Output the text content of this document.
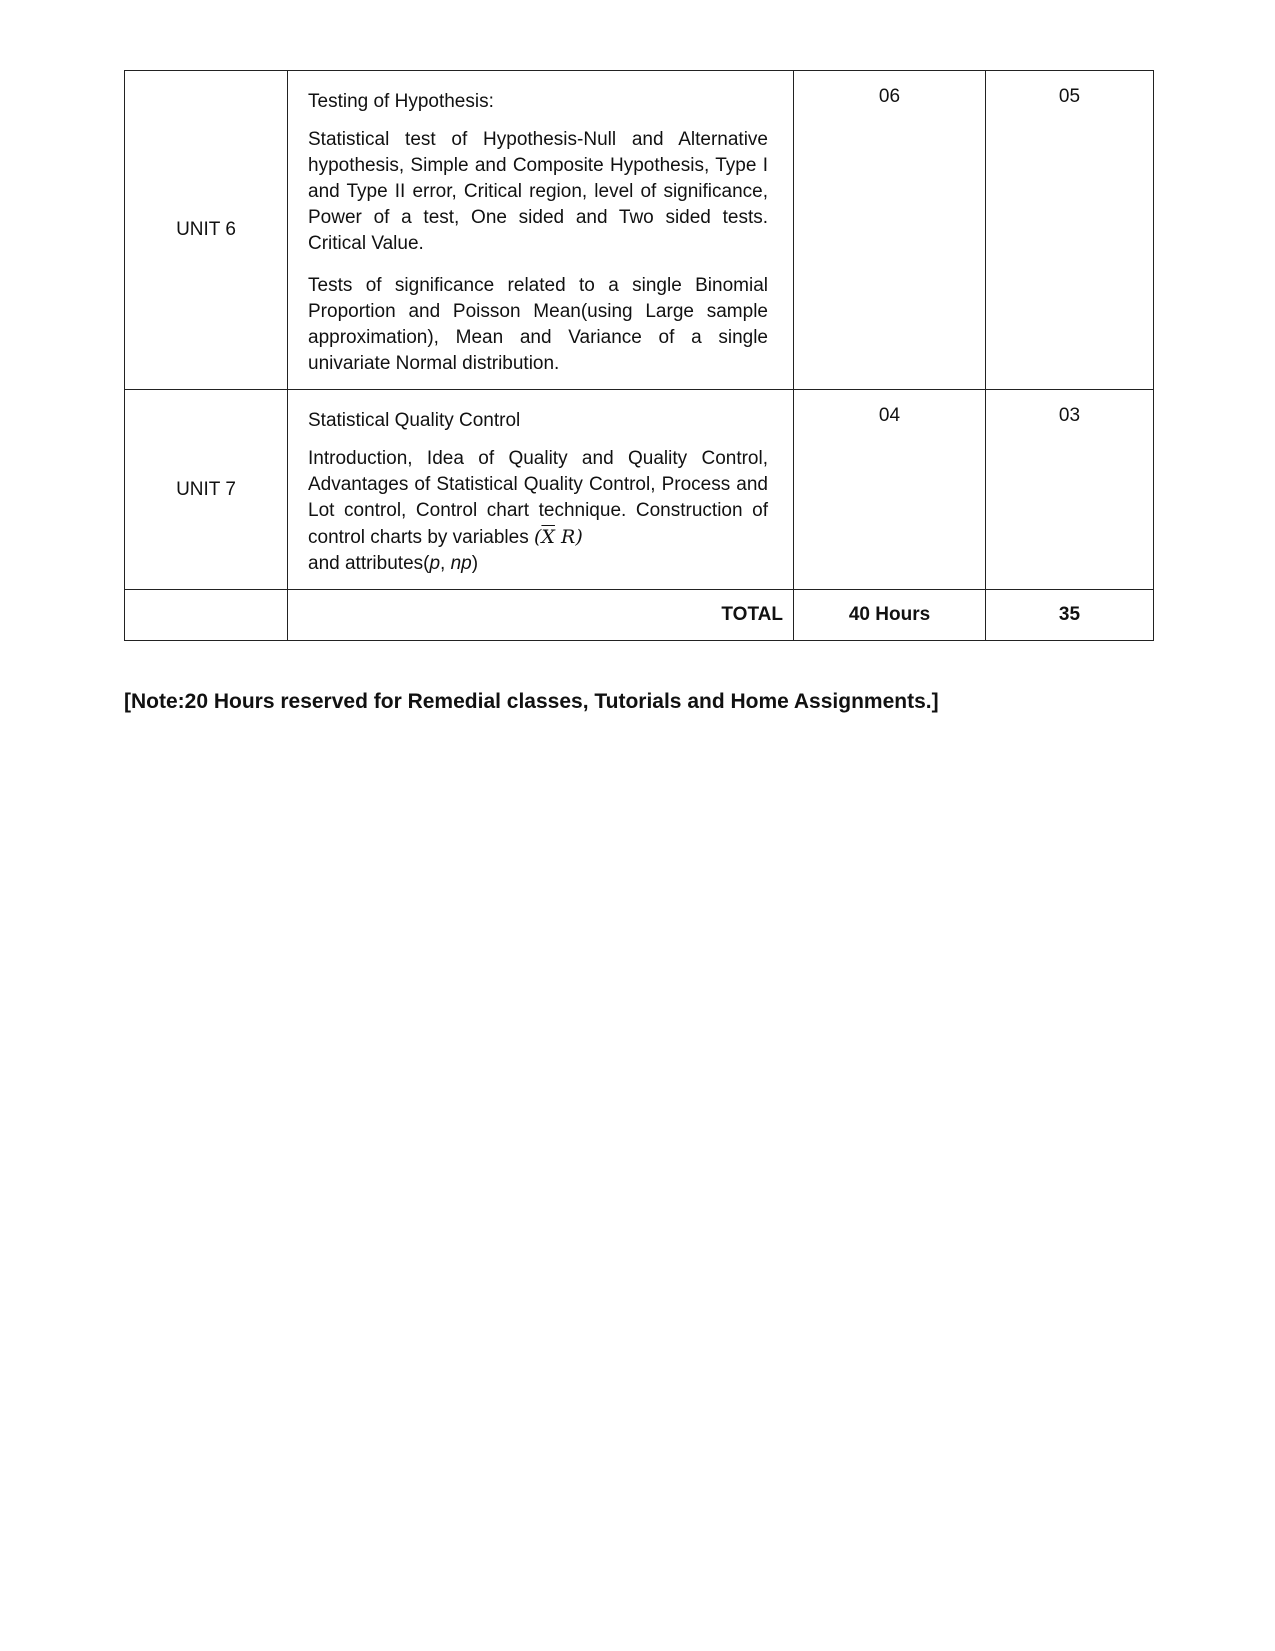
UNIT 6	Testing of Hypothesis:

Statistical test of Hypothesis-Null and Alternative hypothesis, Simple and Composite Hypothesis, Type I and Type II error, Critical region, level of significance, Power of a test, One sided and Two sided tests. Critical Value.

Tests of significance related to a single Binomial Proportion and Poisson Mean(using Large sample approximation), Mean and Variance of a single univariate Normal distribution.	06	05
UNIT 7	Statistical Quality Control

Introduction, Idea of Quality and Quality Control, Advantages of Statistical Quality Control, Process and Lot control, Control chart technique. Construction of control charts by variables ($\overline{X}$ R)
and attributes(p, np)	04	03
	TOTAL	40 Hours	35
[Note:20 Hours reserved for Remedial classes, Tutorials and Home Assignments.]
